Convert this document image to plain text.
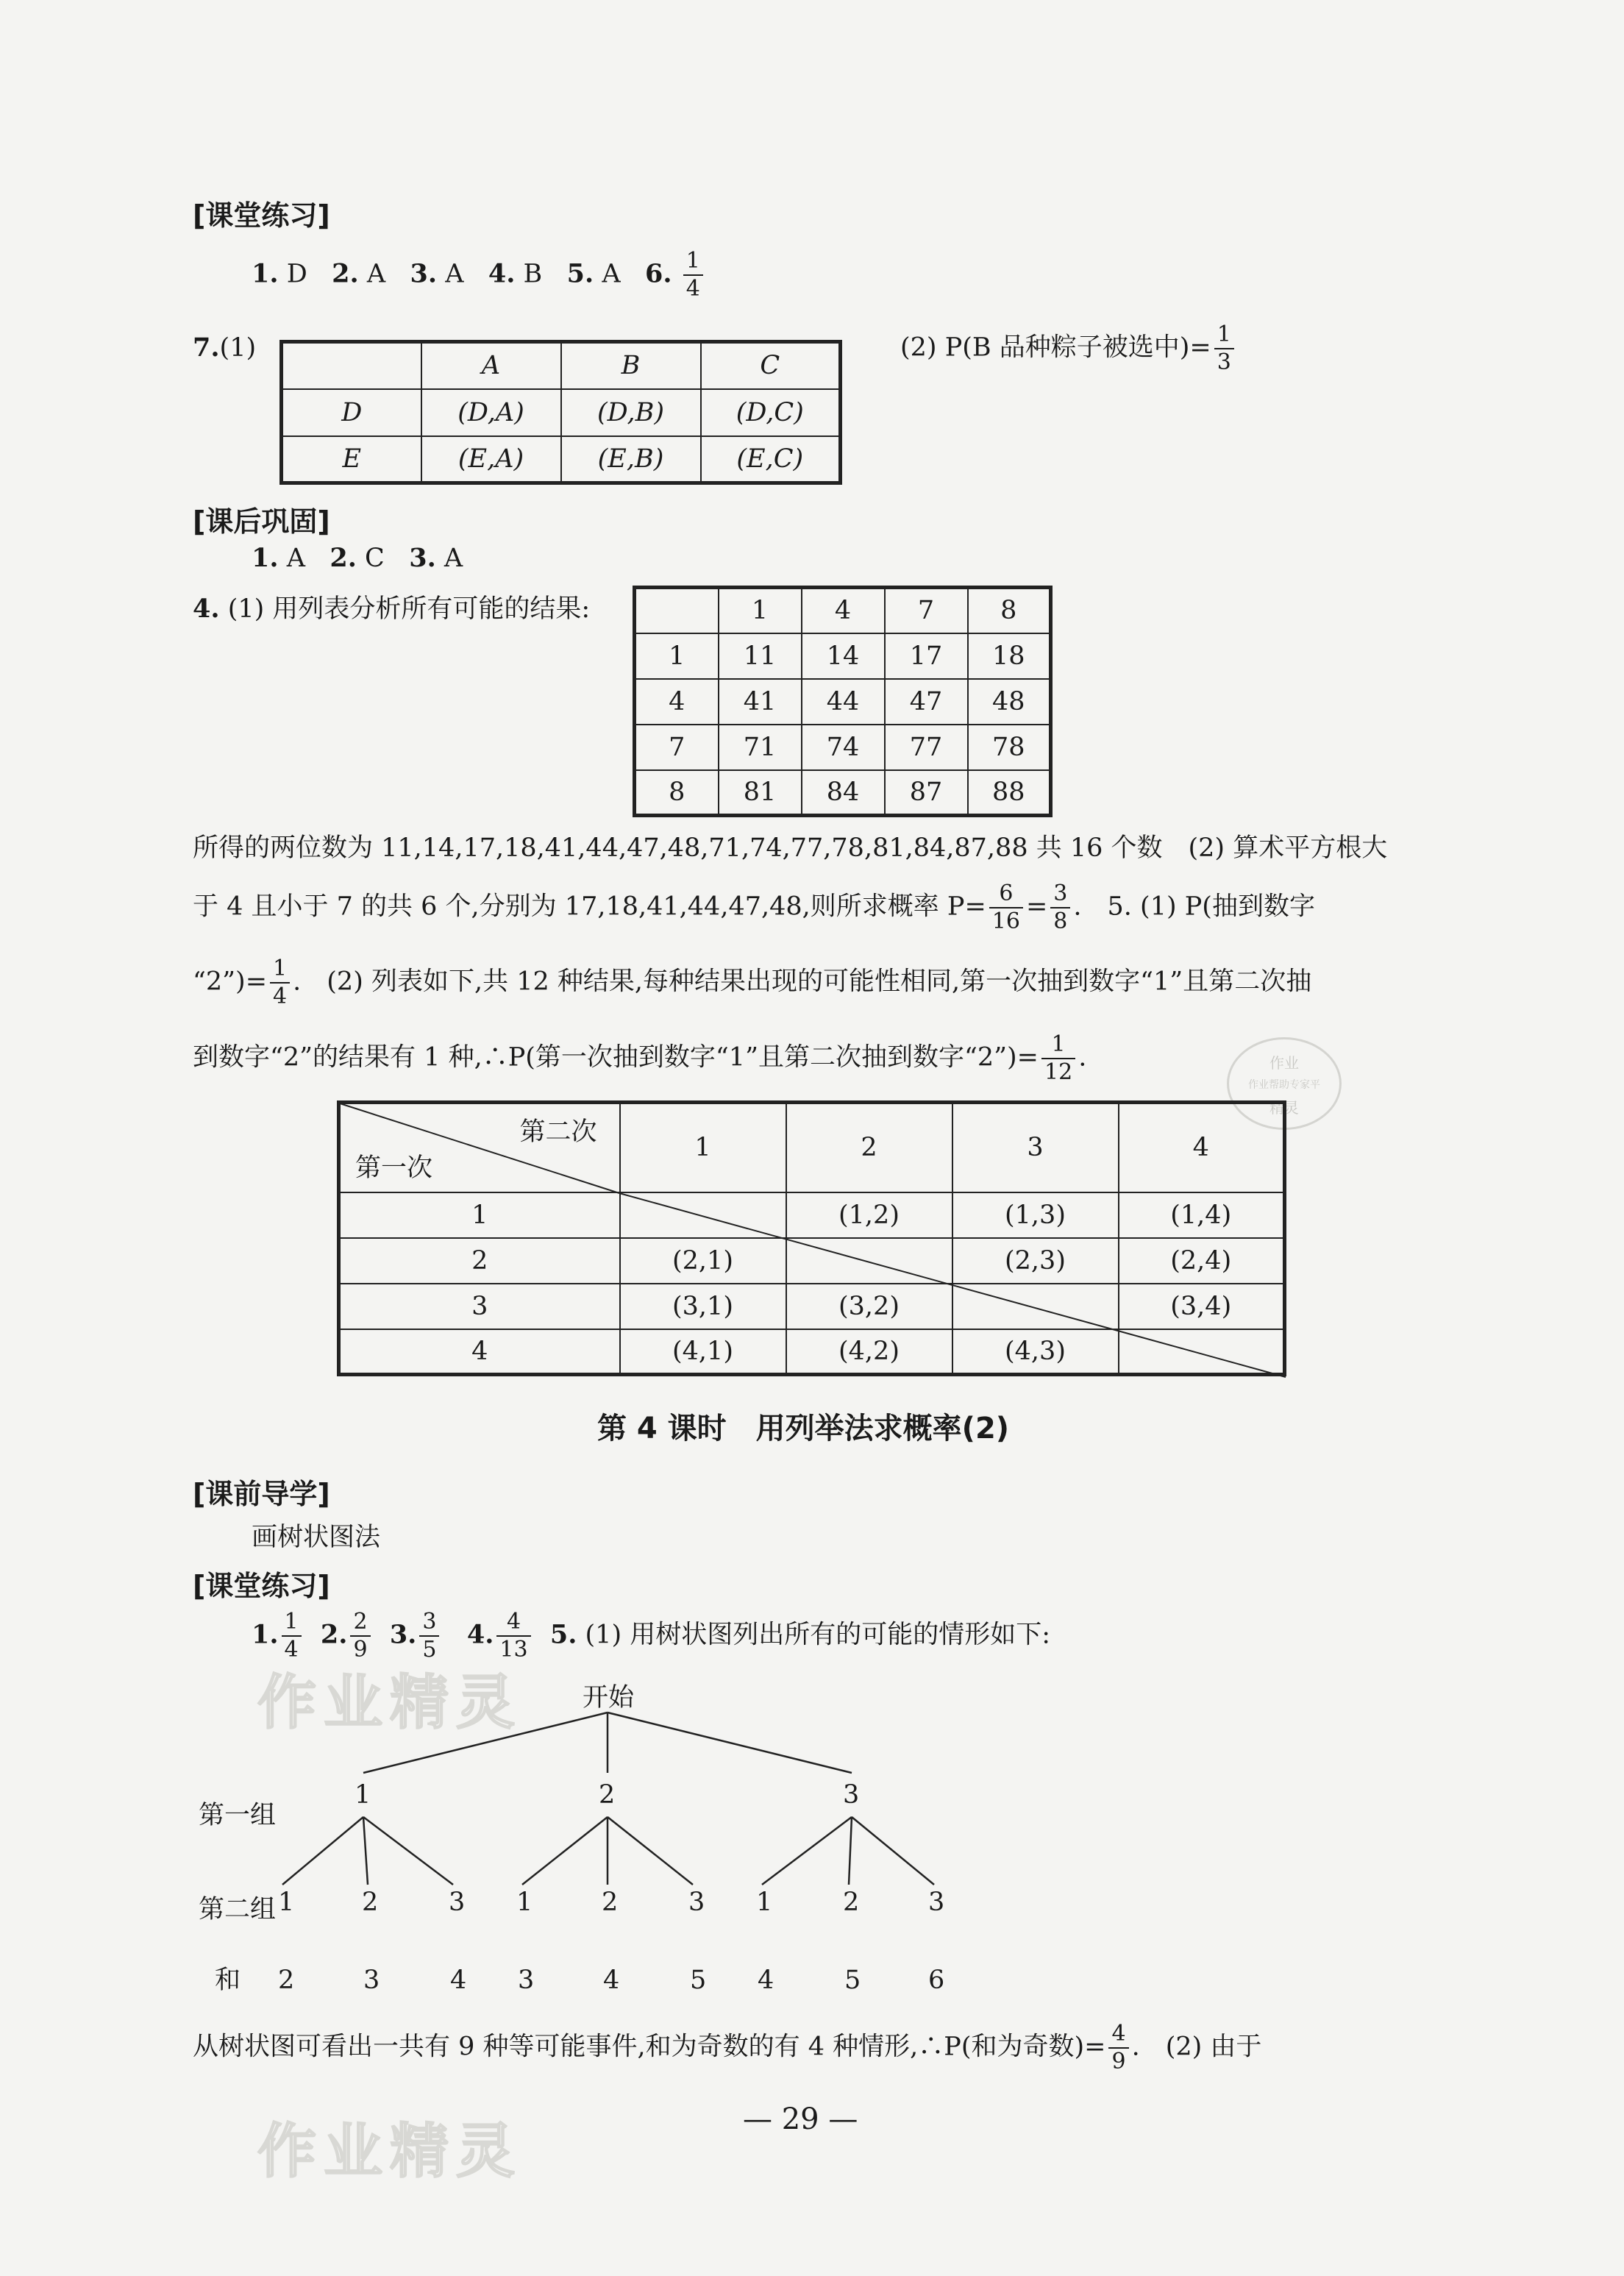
[课堂练习]
1. D 2. A 3. A 4. B 5. A 6. $\frac{1}{4}$
7.(1)
	A	B	C
D	(D,A)	(D,B)	(D,C)
E	(E,A)	(E,B)	(E,C)
(2) P(B 品种粽子被选中)= $\frac{1}{3}$
[课后巩固]
1. A 2. C 3. A
4. (1) 用列表分析所有可能的结果:
		1	4	7	8
1	11	14	17	18
4	41	44	47	48
7	71	74	77	78
8	81	84	87	88
所得的两位数为 11,14,17,18,41,44,47,48,71,74,77,78,81,84,87,88 共 16 个数　(2) 算术平方根大
于 4 且小于 7 的共 6 个,分别为 17,18,41,44,47,48,则所求概率 $P= \frac{6}{16} = \frac{3}{8}$ .　5. (1) P(抽到数字
“2”)= $\frac{1}{4}$ .　(2) 列表如下,共 12 种结果,每种结果出现的可能性相同,第一次抽到数字“1”且第二次抽
到数字“2”的结果有 1 种,∴P(第一次抽到数字“1”且第二次抽到数字“2”)= $\frac{1}{12}$ .	作业
作业帮助专家平
精灵
第二次
第一次	1	2	3	4
1		(1,2)	(1,3)	(1,4)
2	(2,1)		(2,3)	(2,4)
3	(3,1)	(3,2)		(3,4)
4	(4,1)	(4,2)	(4,3)	
第 4 课时　用列举法求概率(2)
[课前导学]
画树状图法
[课堂练习]
1. $\frac{1}{4} 2$. $\frac{2}{9} 3$. $\frac{3}{5} 4$. $\frac{4}{13} 5$. (1) 用树状图列出所有的可能的情形如下:
作业精灵
作业精灵
开始
第一组
1	2	3
第二组 1	2	3 1	2	3 1	2	3
和 2	3	4 3	4	5 4	5	6
从树状图可看出一共有 9 种等可能事件,和为奇数的有 4 种情形,∴P(和为奇数)= $\frac{4}{9}$ .　(2) 由于
— 29 —
